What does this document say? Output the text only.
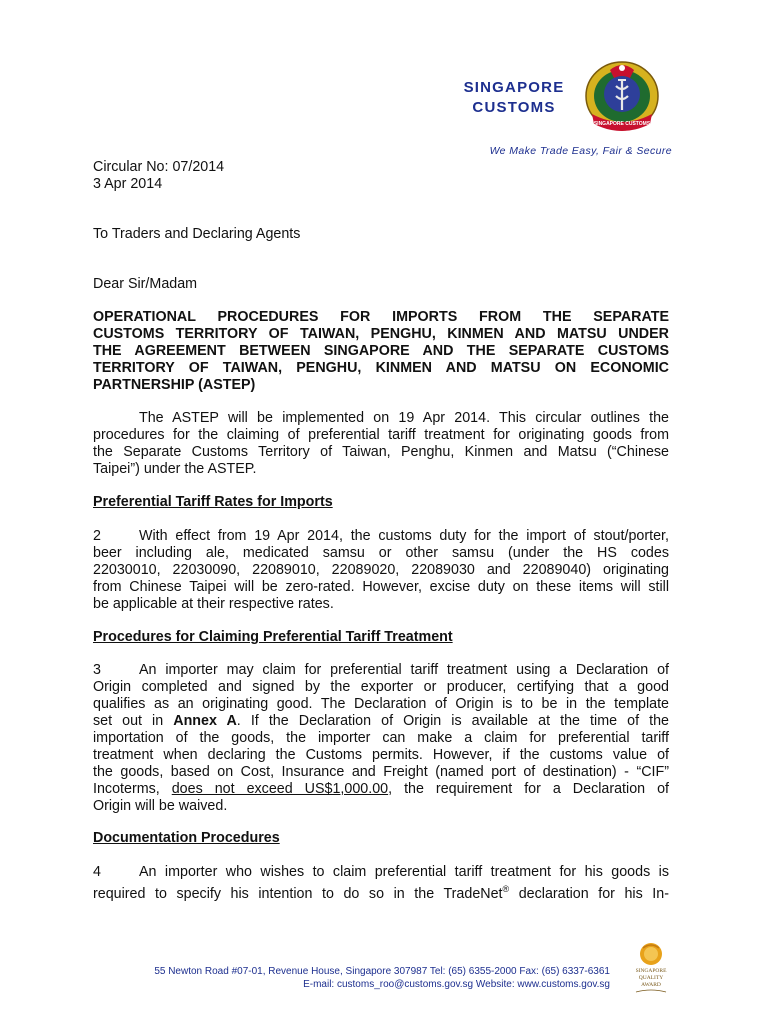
SINGAPORE
CUSTOMS
SINGAPORE CUSTOMS
We Make Trade Easy, Fair & Secure
Circular No: 07/2014
3 Apr 2014
To Traders and Declaring Agents
Dear Sir/Madam
OPERATIONAL PROCEDURES FOR IMPORTS FROM THE SEPARATE
CUSTOMS TERRITORY OF TAIWAN, PENGHU, KINMEN AND MATSU UNDER
THE AGREEMENT BETWEEN SINGAPORE AND THE SEPARATE CUSTOMS
TERRITORY OF TAIWAN, PENGHU, KINMEN AND MATSU ON ECONOMIC
PARTNERSHIP (ASTEP)
The ASTEP will be implemented on 19 Apr 2014. This circular outlines the
procedures for the claiming of preferential tariff treatment for originating goods from
the Separate Customs Territory of Taiwan, Penghu, Kinmen and Matsu (“Chinese
Taipei”) under the ASTEP.
Preferential Tariff Rates for Imports
2	With effect from 19 Apr 2014, the customs duty for the import of stout/porter,
beer including ale, medicated samsu or other samsu (under the HS codes
22030010, 22030090, 22089010, 22089020, 22089030 and 22089040) originating
from Chinese Taipei will be zero-rated. However, excise duty on these items will still
be applicable at their respective rates.
Procedures for Claiming Preferential Tariff Treatment
3	An importer may claim for preferential tariff treatment using a Declaration of
Origin completed and signed by the exporter or producer, certifying that a good
qualifies as an originating good. The Declaration of Origin is to be in the template
set out in Annex A. If the Declaration of Origin is available at the time of the
importation of the goods, the importer can make a claim for preferential tariff
treatment when declaring the Customs permits. However, if the customs value of
the goods, based on Cost, Insurance and Freight (named port of destination) - “CIF”
Incoterms, does not exceed US$1,000.00, the requirement for a Declaration of
Origin will be waived.
Documentation Procedures
4	An importer who wishes to claim preferential tariff treatment for his goods is
required to specify his intention to do so in the TradeNet® declaration for his In-
55 Newton Road #07-01, Revenue House, Singapore 307987 Tel: (65) 6355-2000 Fax: (65) 6337-6361
E-mail: customs_roo@customs.gov.sg Website: www.customs.gov.sg
SINGAPORE
QUALITY
AWARD
